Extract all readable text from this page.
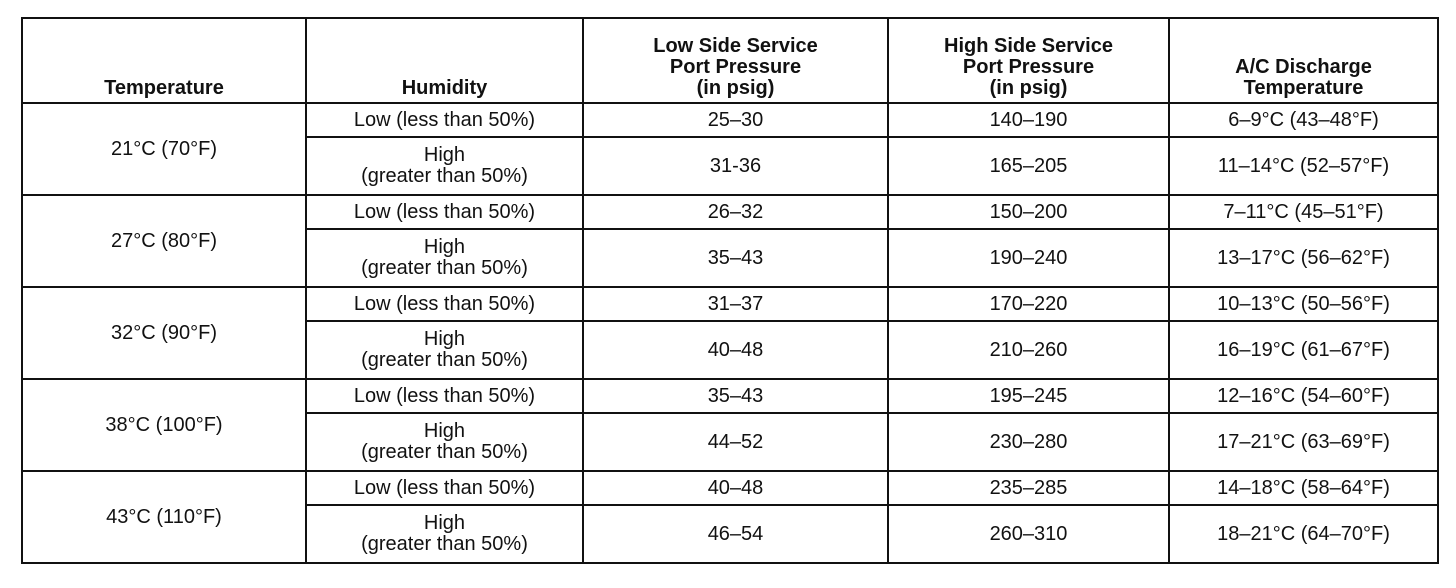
Temperature	Humidity	Low Side Service
Port Pressure
(in psig)	High Side Service
Port Pressure
(in psig)	A/C Discharge
Temperature

21°C (70°F)	Low (less than 50%)	25–30	140–190	6–9°C (43–48°F)

	High
(greater than 50%)	31-36	165–205	11–14°C (52–57°F)
27°C (80°F)	Low (less than 50%)	26–32	150–200	7–11°C (45–51°F)

	High
(greater than 50%)	35–43	190–240	13–17°C (56–62°F)
32°C (90°F)	Low (less than 50%)	31–37	170–220	10–13°C (50–56°F)

	High
(greater than 50%)	40–48	210–260	16–19°C (61–67°F)
38°C (100°F)	Low (less than 50%)	35–43	195–245	12–16°C (54–60°F)

	High
(greater than 50%)	44–52	230–280	17–21°C (63–69°F)
43°C (110°F)	Low (less than 50%)	40–48	235–285	14–18°C (58–64°F)

	High
(greater than 50%)	46–54	260–310	18–21°C (64–70°F)
